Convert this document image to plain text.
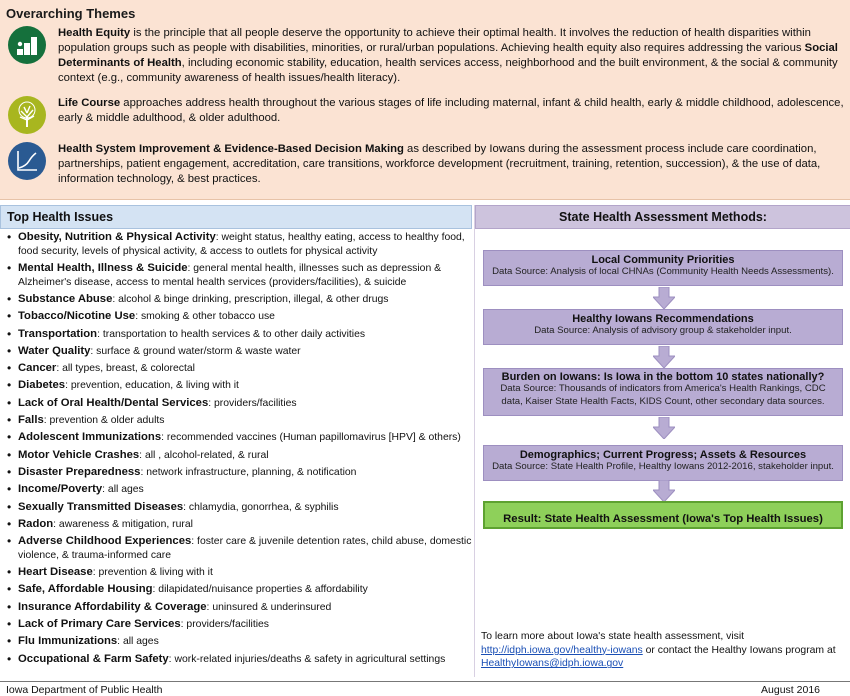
Overarching Themes
Health Equity is the principle that all people deserve the opportunity to achieve their optimal health. It involves the reduction of health disparities within population groups such as people with disabilities, minorities, or rural/urban populations. Achieving health equity also requires addressing the various Social Determinants of Health, including economic stability, education, health services access, neighborhood and the built environment, & the social & community context (e.g., community awareness of health issues/health literacy).
Life Course approaches address health throughout the various stages of life including maternal, infant & child health, early & middle childhood, adolescence, early & middle adulthood, & older adulthood.
Health System Improvement & Evidence-Based Decision Making as described by Iowans during the assessment process include care coordination, partnerships, patient engagement, accreditation, care transitions, workforce development (recruitment, training, retention, succession), & the use of data, information technology, & best practices.
Top Health Issues
• Obesity, Nutrition & Physical Activity: weight status, healthy eating, access to healthy food, food security, levels of physical activity, & access to outlets for physical activity
• Mental Health, Illness & Suicide: general mental health, illnesses such as depression & Alzheimer's disease, access to mental health services (providers/facilities), & suicide
• Substance Abuse: alcohol & binge drinking, prescription, illegal, & other drugs
• Tobacco/Nicotine Use: smoking & other tobacco use
• Transportation: transportation to health services & to other daily activities
• Water Quality: surface & ground water/storm & waste water
• Cancer: all types, breast, & colorectal
• Diabetes: prevention, education, & living with it
• Lack of Oral Health/Dental Services: providers/facilities
• Falls: prevention & older adults
• Adolescent Immunizations: recommended vaccines (Human papillomavirus [HPV] & others)
• Motor Vehicle Crashes: all , alcohol-related, & rural
• Disaster Preparedness: network infrastructure, planning, & notification
• Income/Poverty: all ages
• Sexually Transmitted Diseases: chlamydia, gonorrhea, & syphilis
• Radon: awareness & mitigation, rural
• Adverse Childhood Experiences: foster care & juvenile detention rates, child abuse, domestic violence, & trauma-informed care
• Heart Disease: prevention & living with it
• Safe, Affordable Housing: dilapidated/nuisance properties & affordability
• Insurance Affordability & Coverage: uninsured & underinsured
• Lack of Primary Care Services: providers/facilities
• Flu Immunizations: all ages
• Occupational & Farm Safety: work-related injuries/deaths & safety in agricultural settings
State Health Assessment Methods:
Local Community Priorities
Data Source: Analysis of local CHNAs (Community Health Needs Assessments).
Healthy Iowans Recommendations
Data Source: Analysis of advisory group & stakeholder input.
Burden on Iowans: Is Iowa in the bottom 10 states nationally?
Data Source: Thousands of indicators from America's Health Rankings, CDC data, Kaiser State Health Facts, KIDS Count, other secondary data sources.
Demographics; Current Progress; Assets & Resources
Data Source: State Health Profile, Healthy Iowans 2012-2016, stakeholder input.
$_{Result: State Health Assessment (Iowa's Top Health Issues)}$
To learn more about Iowa's state health assessment, visit
http://idph.iowa.gov/healthy-iowans or contact the Healthy Iowans program at HealthyIowans@idph.iowa.gov
Iowa Department of Public Health	August 2016
